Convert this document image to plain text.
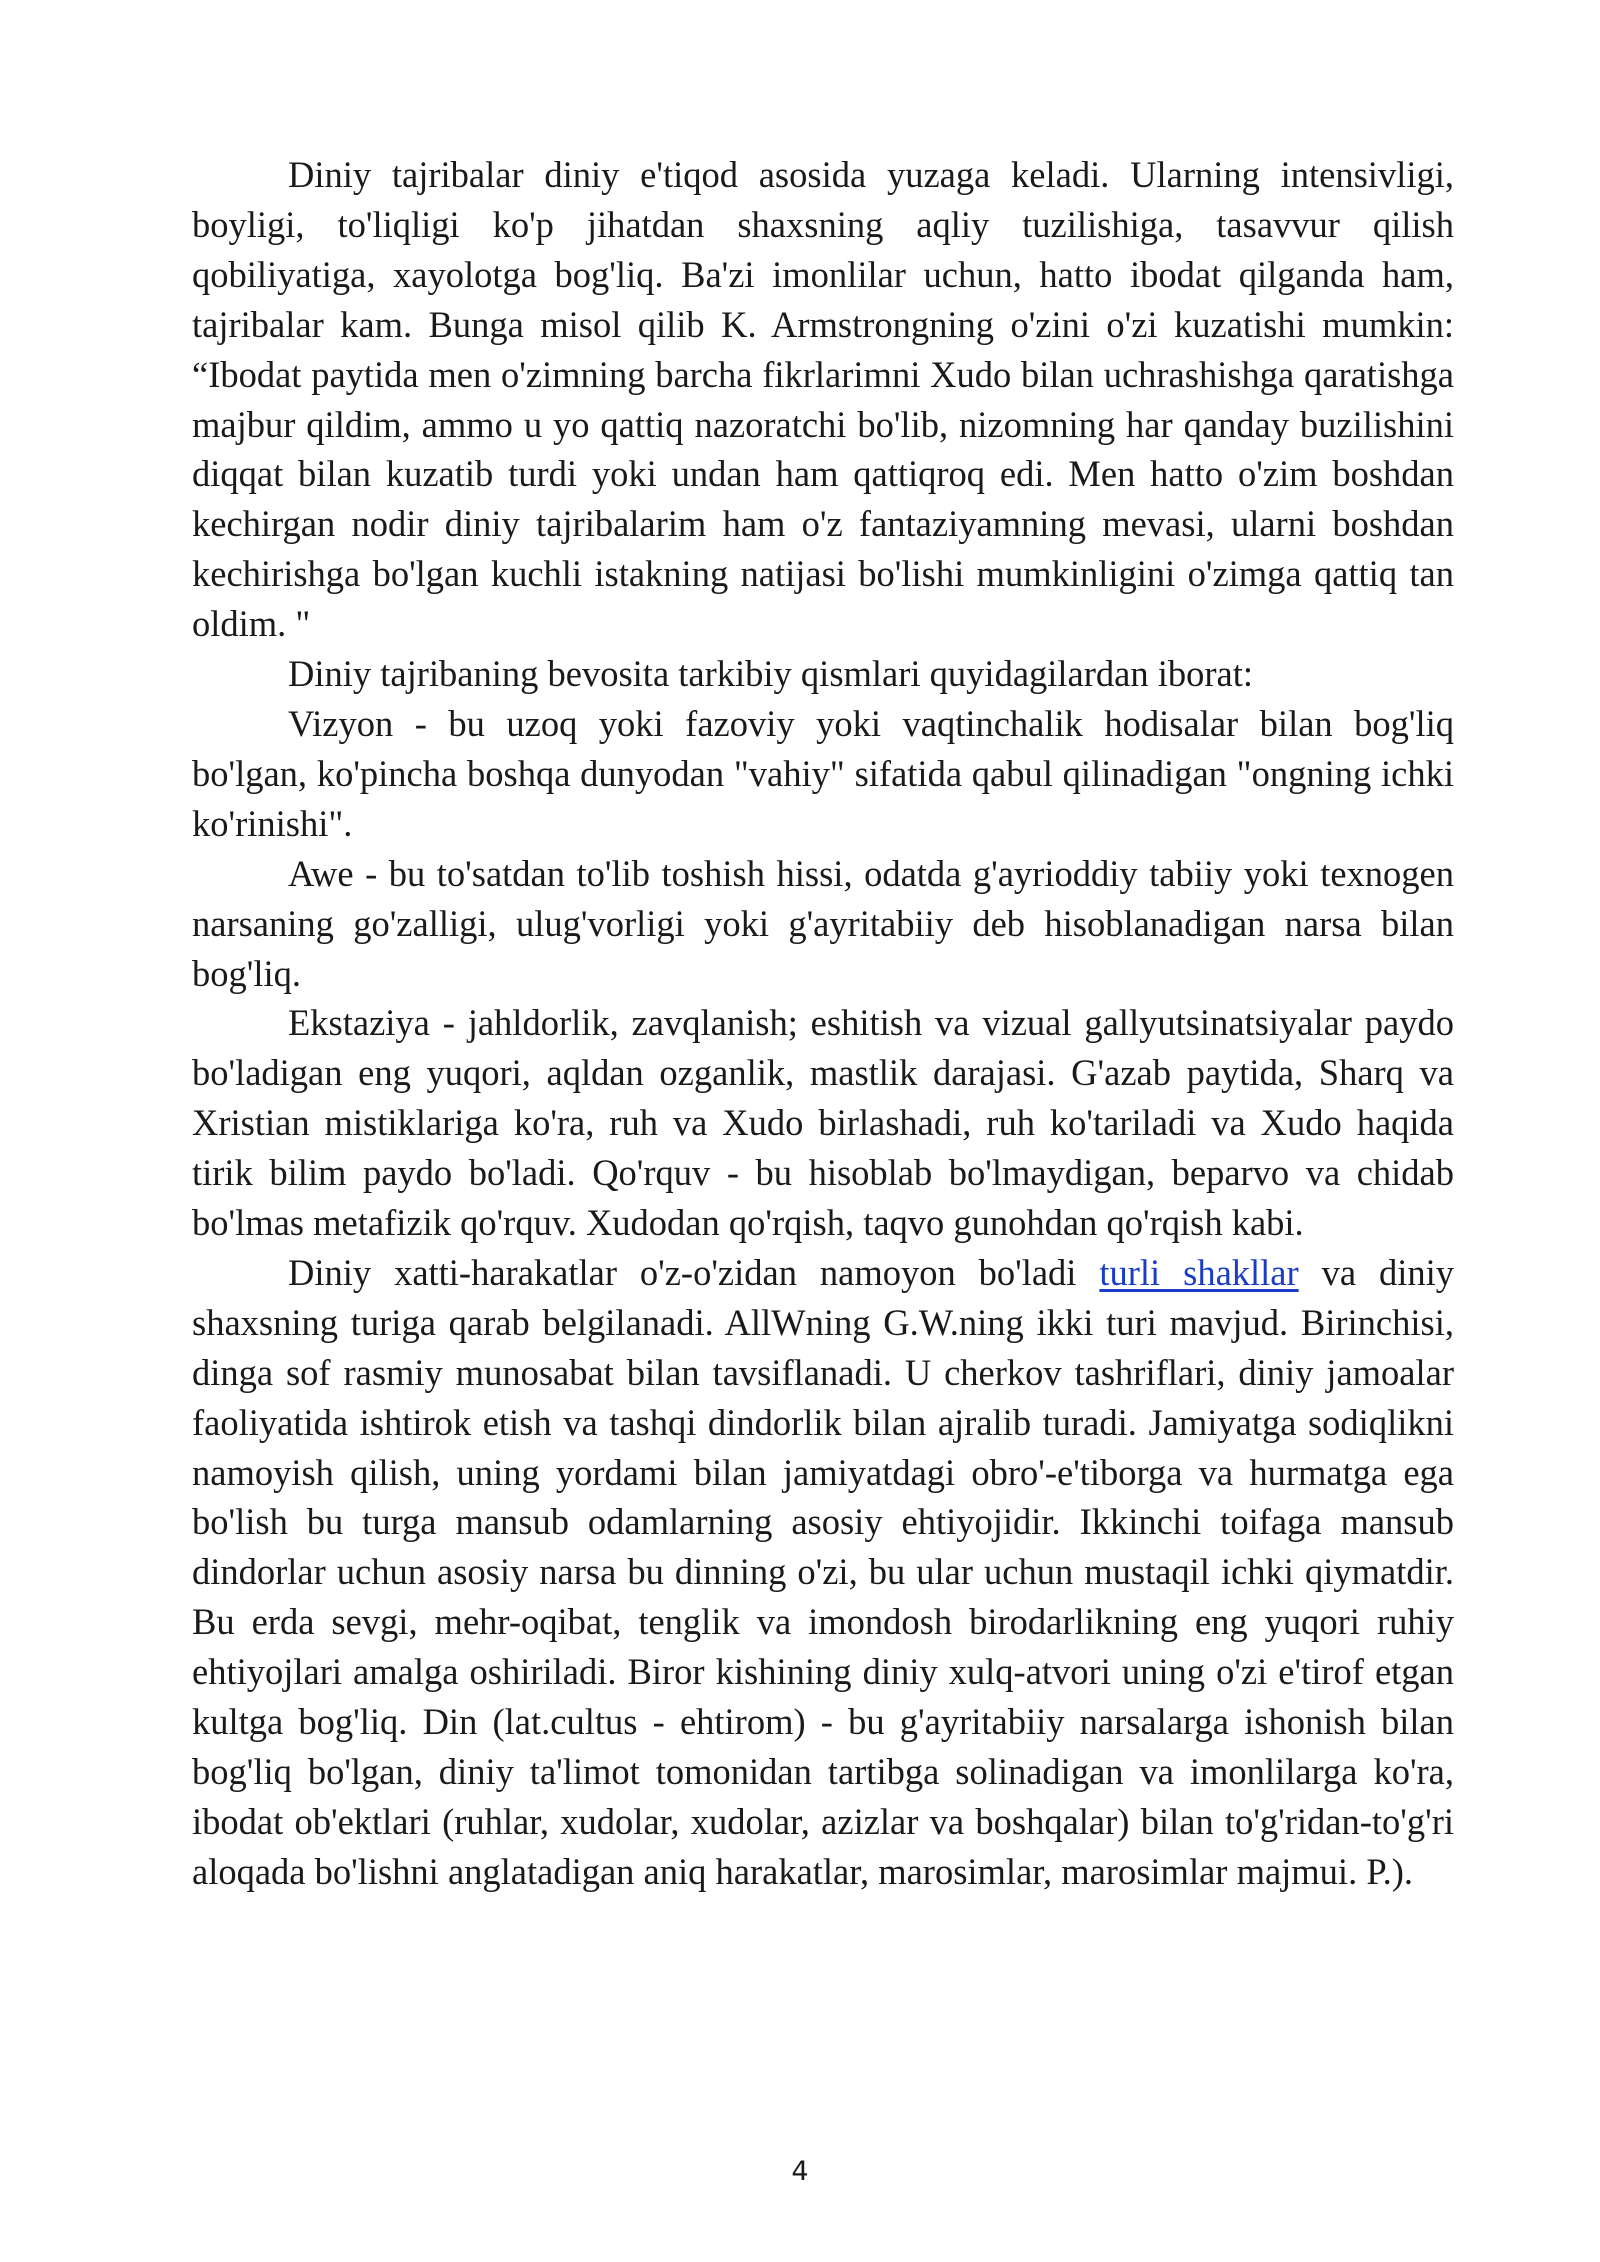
Diniy tajribalar diniy e'tiqod asosida yuzaga keladi. Ularning intensivligi, boyligi, to'liqligi ko'p jihatdan shaxsning aqliy tuzilishiga, tasavvur qilish qobiliyatiga, xayolotga bog'liq. Ba'zi imonlilar uchun, hatto ibodat qilganda ham, tajribalar kam. Bunga misol qilib K. Armstrongning o'zini o'zi kuzatishi mumkin: “Ibodat paytida men o'zimning barcha fikrlarimni Xudo bilan uchrashishga qaratishga majbur qildim, ammo u yo qattiq nazoratchi bo'lib, nizomning har qanday buzilishini diqqat bilan kuzatib turdi yoki undan ham qattiqroq edi. Men hatto o'zim boshdan kechirgan nodir diniy tajribalarim ham o'z fantaziyamning mevasi, ularni boshdan kechirishga bo'lgan kuchli istakning natijasi bo'lishi mumkinligini o'zimga qattiq tan oldim. "

Diniy tajribaning bevosita tarkibiy qismlari quyidagilardan iborat:

Vizyon - bu uzoq yoki fazoviy yoki vaqtinchalik hodisalar bilan bog'liq bo'lgan, ko'pincha boshqa dunyodan "vahiy" sifatida qabul qilinadigan "ongning ichki ko'rinishi".

Awe - bu to'satdan to'lib toshish hissi, odatda g'ayrioddiy tabiiy yoki texnogen narsaning go'zalligi, ulug'vorligi yoki g'ayritabiiy deb hisoblanadigan narsa bilan bog'liq.

Ekstaziya - jahldorlik, zavqlanish; eshitish va vizual gallyutsinatsiyalar paydo bo'ladigan eng yuqori, aqldan ozganlik, mastlik darajasi. G'azab paytida, Sharq va Xristian mistiklariga ko'ra, ruh va Xudo birlashadi, ruh ko'tariladi va Xudo haqida tirik bilim paydo bo'ladi. Qo'rquv - bu hisoblab bo'lmaydigan, beparvo va chidab bo'lmas metafizik qo'rquv. Xudodan qo'rqish, taqvo gunohdan qo'rqish kabi.

Diniy xatti-harakatlar o'z-o'zidan namoyon bo'ladi turli shakllar va diniy shaxsning turiga qarab belgilanadi. AllWning G.W.ning ikki turi mavjud. Birinchisi, dinga sof rasmiy munosabat bilan tavsiflanadi. U cherkov tashriflari, diniy jamoalar faoliyatida ishtirok etish va tashqi dindorlik bilan ajralib turadi. Jamiyatga sodiqlikni namoyish qilish, uning yordami bilan jamiyatdagi obro'-e'tiborga va hurmatga ega bo'lish bu turga mansub odamlarning asosiy ehtiyojidir. Ikkinchi toifaga mansub dindorlar uchun asosiy narsa bu dinning o'zi, bu ular uchun mustaqil ichki qiymatdir. Bu erda sevgi, mehr-oqibat, tenglik va imondosh birodarlikning eng yuqori ruhiy ehtiyojlari amalga oshiriladi. Biror kishining diniy xulq-atvori uning o'zi e'tirof etgan kultga bog'liq. Din (lat.cultus - ehtirom) - bu g'ayritabiiy narsalarga ishonish bilan bog'liq bo'lgan, diniy ta'limot tomonidan tartibga solinadigan va imonlilarga ko'ra, ibodat ob'ektlari (ruhlar, xudolar, xudolar, azizlar va boshqalar) bilan to'g'ridan-to'g'ri aloqada bo'lishni anglatadigan aniq harakatlar, marosimlar, marosimlar majmui. P.).

4
